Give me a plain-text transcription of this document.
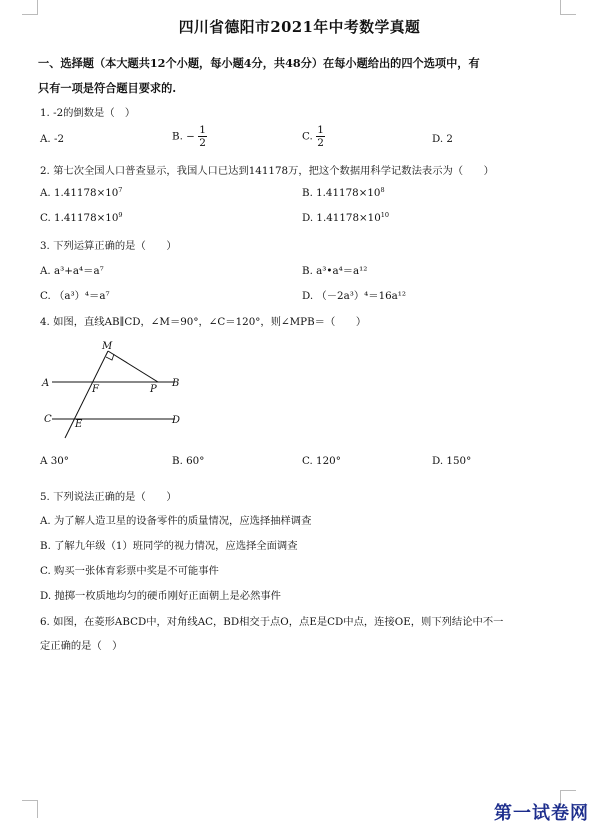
四川省德阳市2021年中考数学真题
一、选择题（本大题共12个小题，每小题4分，共48分）在每小题给出的四个选项中，有
只有一项是符合题目要求的.
1. -2的倒数是（　）
A. -2	B. − $\frac{1}{2}$	C. $\frac{1}{2}$	D. 2
2. 第七次全国人口普查显示，我国人口已达到141178万，把这个数据用科学记数法表示为（　　）
A. $1.41178\times 10^7$	B. $1.41178\times 10^8$
C. $1.41178\times 10^9$	D. $1.41178\times 10^{10}$
3. 下列运算正确的是（　　）
A. a³+a⁴＝a⁷	B. a³•a⁴＝a¹²
C. （a³）⁴＝a⁷	D. （－2a³）⁴＝16a¹²
4. 如图，直线AB∥CD，∠M＝90°，∠C＝120°，则∠MPB＝（　　）
M
A	B
F	P
C	D
E
A 30°	B. 60°	C. 120°	D. 150°
5. 下列说法正确的是（　　）
A. 为了解人造卫星的设备零件的质量情况，应选择抽样调查
B. 了解九年级（1）班同学的视力情况，应选择全面调查
C. 购买一张体育彩票中奖是不可能事件
D. 抛掷一枚质地均匀的硬币刚好正面朝上是必然事件
6. 如图，在菱形ABCD中，对角线AC，BD相交于点O，点E是CD中点，连接OE，则下列结论中不一
定正确的是（　）
第一试卷网
